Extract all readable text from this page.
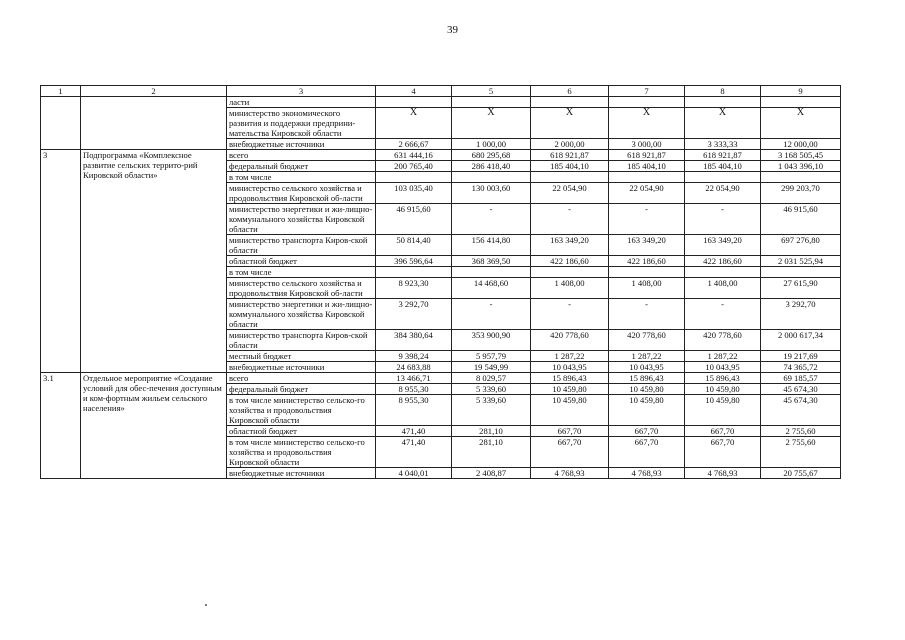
39
1	2	3	4	5	6	7	8	9
		ласти						
		министерство экономического развития и поддержки предприни-мательства Кировской области	X	X	X	X	X	X
		внебюджетные источники	2 666,67	1 000,00	2 000,00	3 000,00	3 333,33	12 000,00
3	Подпрограмма «Комплексное развитие сельских террито-рий Кировской области»	всего	631 444,16	680 295,68	618 921,87	618 921,87	618 921,87	3 168 505,45
		федеральный бюджет	200 765,40	286 418,40	185 404,10	185 404,10	185 404,10	1 043 396,10
		в том числе						
		министерство сельского хозяйства и продовольствия Кировской об-ласти	103 035,40	130 003,60	22 054,90	22 054,90	22 054,90	299 203,70
		министерство энергетики и жи-лищно-коммунального хозяйства Кировской области	46 915,60	-	-	-	-	46 915,60
		министерство транспорта Киров-ской области	50 814,40	156 414,80	163 349,20	163 349,20	163 349,20	697 276,80
		областной бюджет	396 596,64	368 369,50	422 186,60	422 186,60	422 186,60	2 031 525,94
		в том числе						
		министерство сельского хозяйства и продовольствия Кировской об-ласти	8 923,30	14 468,60	1 408,00	1 408,00	1 408,00	27 615,90
		министерство энергетики и жи-лищно-коммунального хозяйства Кировской области	3 292,70	-	-	-	-	3 292,70
		министерство транспорта Киров-ской области	384 380,64	353 900,90	420 778,60	420 778,60	420 778,60	2 000 617,34
		местный бюджет	9 398,24	5 957,79	1 287,22	1 287,22	1 287,22	19 217,69
		внебюджетные источники	24 683,88	19 549,99	10 043,95	10 043,95	10 043,95	74 365,72
3.1	Отдельное мероприятие «Создание условий для обес-печения доступным и ком-фортным жильем сельского населения»	всего	13 466,71	8 029,57	15 896,43	15 896,43	15 896,43	69 185,57
		федеральный бюджет	8 955,30	5 339,60	10 459,80	10 459,80	10 459,80	45 674,30
		в том числе министерство сельско-го хозяйства и продовольствия Кировской области	8 955,30	5 339,60	10 459,80	10 459,80	10 459,80	45 674,30
		областной бюджет	471,40	281,10	667,70	667,70	667,70	2 755,60
		в том числе министерство сельско-го хозяйства и продовольствия Кировской области	471,40	281,10	667,70	667,70	667,70	2 755,60
		внебюджетные источники	4 040,01	2 408,87	4 768,93	4 768,93	4 768,93	20 755,67
